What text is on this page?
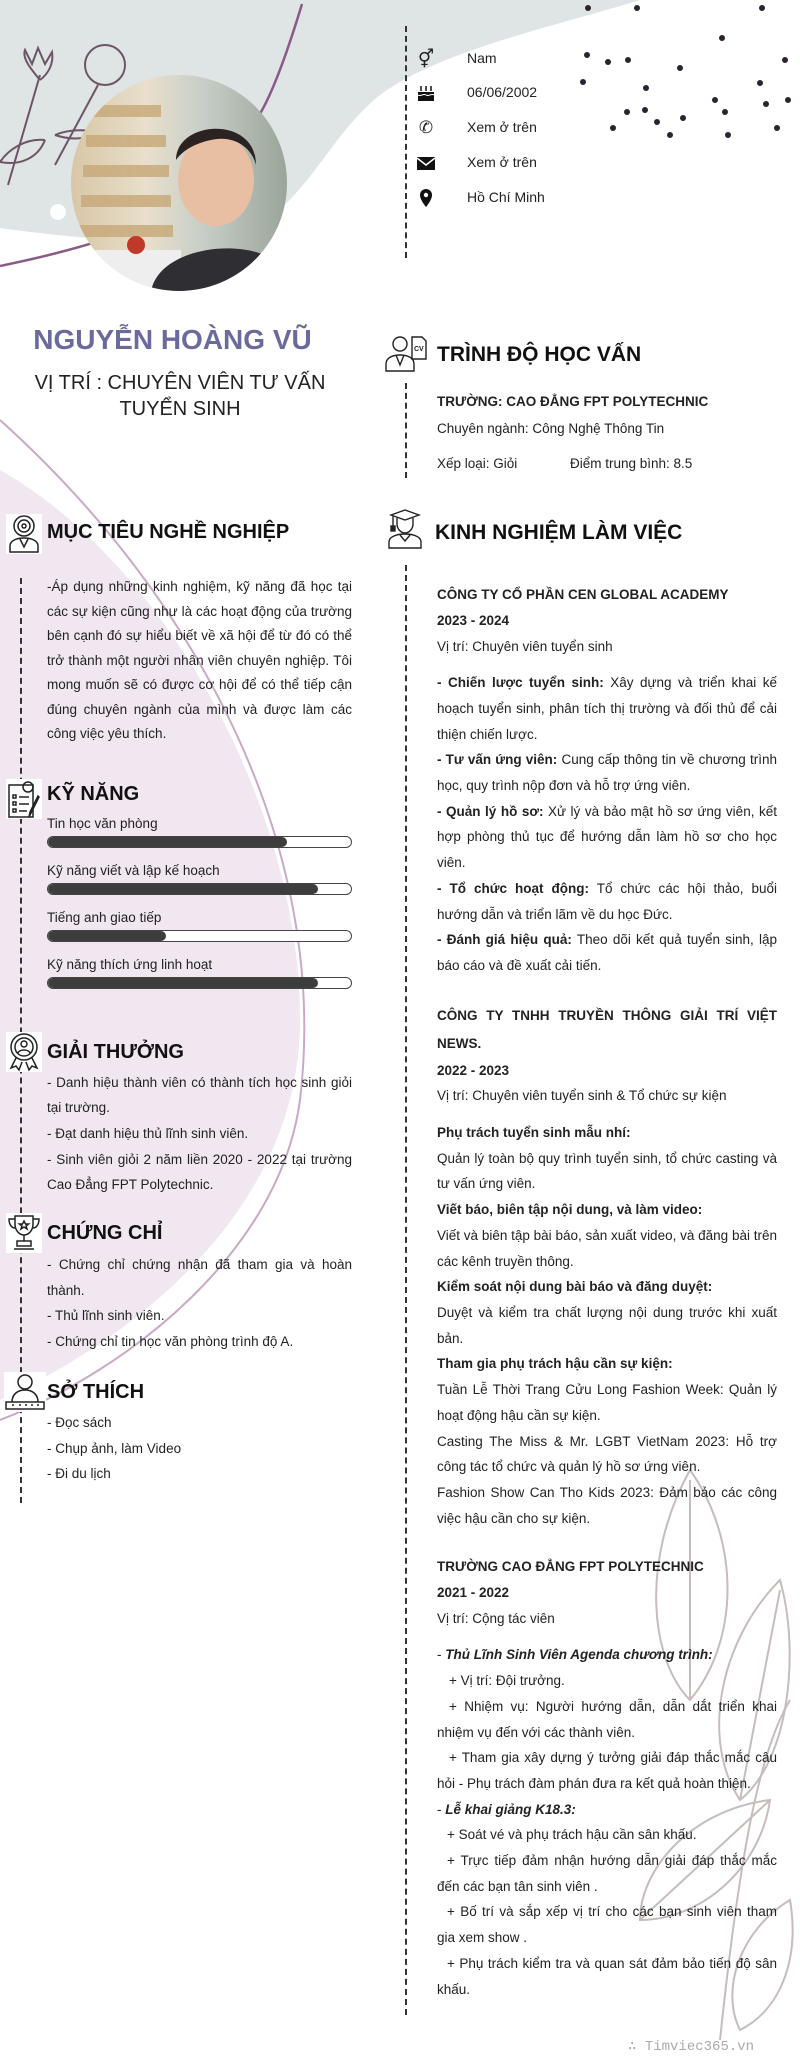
⚥ Nam
06/06/2002
✆	Xem ở trên
Xem ở trên
Hồ Chí Minh
NGUYỄN HOÀNG VŨ
VỊ TRÍ : CHUYÊN VIÊN TƯ VẤN TUYỂN SINH
MỤC TIÊU NGHỀ NGHIỆP
-Áp dụng những kinh nghiệm, kỹ năng đã học tại các sự kiện cũng như là các hoạt động của trường bên cạnh đó sự hiểu biết về xã hội để từ đó có thể trở thành một người nhân viên chuyên nghiệp. Tôi mong muốn sẽ có được cơ hội để có thể tiếp cận đúng chuyên ngành của mình và được làm các công việc yêu thích.
KỸ NĂNG
Tin học văn phòng
Kỹ năng viết và lập kế hoạch
Tiếng anh giao tiếp
Kỹ năng thích ứng linh hoạt
GIẢI THƯỞNG

- Danh hiệu thành viên có thành tích học sinh giỏi tại trường.

- Đạt danh hiệu thủ lĩnh sinh viên.

- Sinh viên giỏi 2 năm liền 2020 - 2022 tại trường Cao Đẳng FPT Polytechnic.

CHỨNG CHỈ

- Chứng chỉ chứng nhận đã tham gia và hoàn thành.

- Thủ lĩnh sinh viên.

- Chứng chỉ tin học văn phòng trình độ A.

SỞ THÍCH

- Đọc sách

- Chụp ảnh, làm Video

- Đi du lịch

CV TRÌNH ĐỘ HỌC VẤN

TRƯỜNG: CAO ĐẲNG FPT POLYTECHNIC

Chuyên ngành: Công Nghệ Thông Tin

Xếp loại: Giỏi	Điểm trung bình: 8.5

KINH NGHIỆM LÀM VIỆC

CÔNG TY CỔ PHẦN CEN GLOBAL ACADEMY

2023 - 2024

Vị trí: Chuyên viên tuyển sinh

- Chiến lược tuyển sinh: Xây dựng và triển khai kế hoạch tuyển sinh, phân tích thị trường và đối thủ để cải thiện chiến lược.

- Tư vấn ứng viên: Cung cấp thông tin về chương trình học, quy trình nộp đơn và hỗ trợ ứng viên.

- Quản lý hồ sơ: Xử lý và bảo mật hồ sơ ứng viên, kết hợp phòng thủ tục để hướng dẫn làm hồ sơ cho học viên.

- Tổ chức hoạt động: Tổ chức các hội thảo, buổi hướng dẫn và triển lãm về du học Đức.

- Đánh giá hiệu quả: Theo dõi kết quả tuyển sinh, lập báo cáo và đề xuất cải tiến.

CÔNG TY TNHH TRUYỀN THÔNG GIẢI TRÍ VIỆT NEWS.

2022 - 2023

Vị trí: Chuyên viên tuyển sinh & Tổ chức sự kiện

Phụ trách tuyển sinh mẫu nhí:

Quản lý toàn bộ quy trình tuyển sinh, tổ chức casting và tư vấn ứng viên.

Viết báo, biên tập nội dung, và làm video:

Viết và biên tập bài báo, sản xuất video, và đăng bài trên các kênh truyền thông.

Kiểm soát nội dung bài báo và đăng duyệt:

Duyệt và kiểm tra chất lượng nội dung trước khi xuất bản.

Tham gia phụ trách hậu cần sự kiện:

Tuần Lễ Thời Trang Cửu Long Fashion Week: Quản lý hoạt động hậu cần sự kiện.

Casting The Miss & Mr. LGBT VietNam 2023: Hỗ trợ công tác tổ chức và quản lý hồ sơ ứng viên.

Fashion Show Can Tho Kids 2023: Đảm bảo các công việc hậu cần cho sự kiện.

TRƯỜNG CAO ĐẲNG FPT POLYTECHNIC

2021 - 2022

Vị trí: Cộng tác viên

- Thủ Lĩnh Sinh Viên Agenda chương trình:

+ Vị trí: Đội trưởng.

+ Nhiệm vụ: Người hướng dẫn, dẫn dắt triển khai nhiệm vụ đến với các thành viên.

+ Tham gia xây dựng ý tưởng giải đáp thắc mắc câu hỏi - Phụ trách đàm phán đưa ra kết quả hoàn thiện.

- Lễ khai giảng K18.3:

+ Soát vé và phụ trách hậu cần sân khấu.

+ Trực tiếp đảm nhận hướng dẫn giải đáp thắc mắc đến các bạn tân sinh viên .

+ Bố trí và sắp xếp vị trí cho các bạn sinh viên tham gia xem show .

+ Phụ trách kiểm tra và quan sát đảm bảo tiến độ sân khấu.

∴ Timviec365.vn
